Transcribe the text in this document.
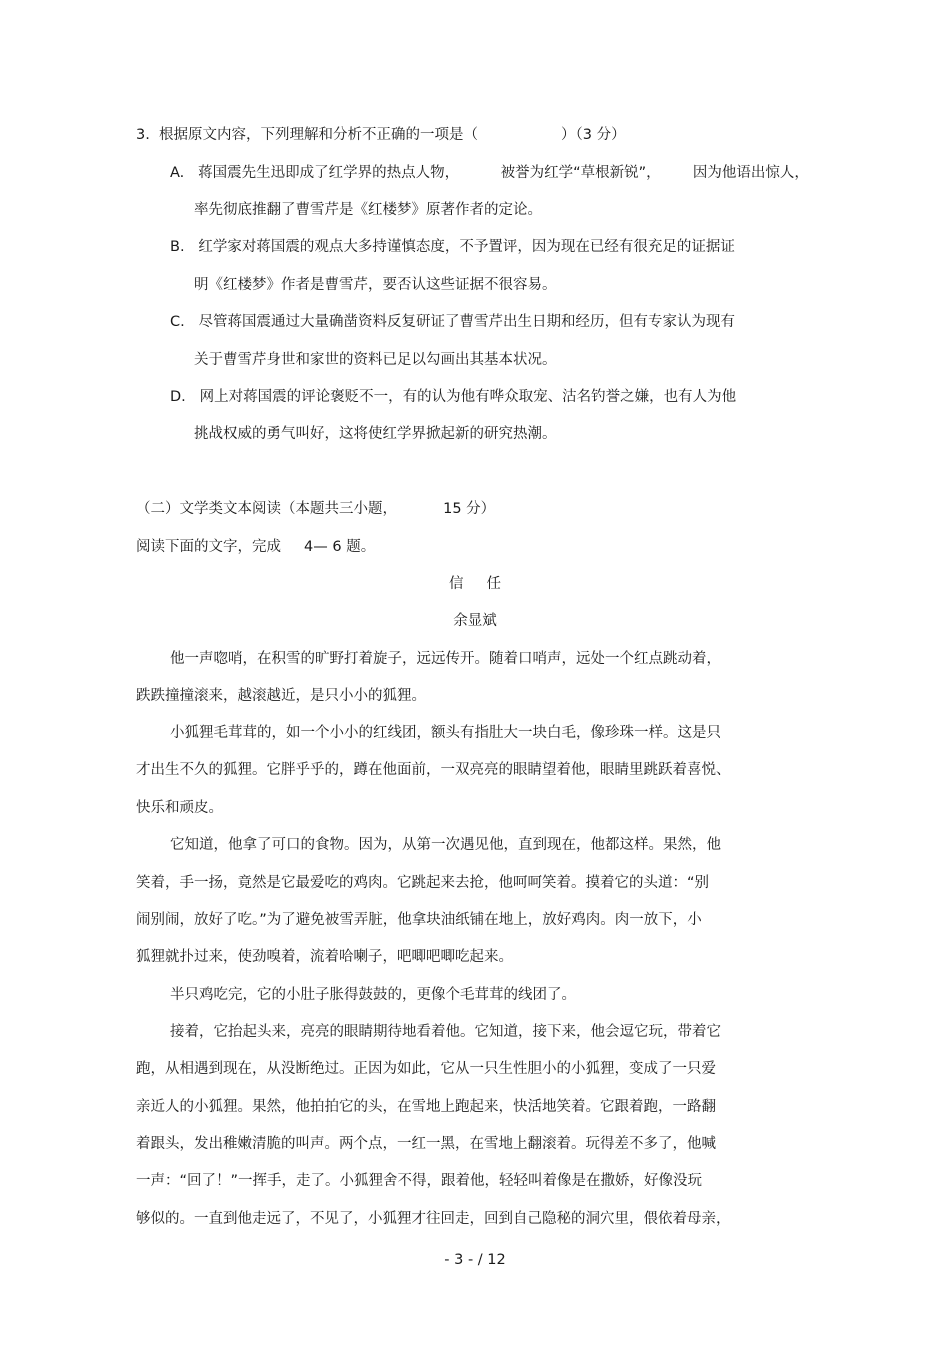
3.  根据原文内容，下列理解和分析不正确的一项是（                  ）（3 分）
A.   蒋国震先生迅即成了红学界的热点人物，         被誉为红学“草根新锐”，       因为他语出惊人，
率先彻底推翻了曹雪芹是《红楼梦》原著作者的定论。
B.   红学家对蒋国震的观点大多持谨慎态度，不予置评，因为现在已经有很充足的证据证
明《红楼梦》作者是曹雪芹，要否认这些证据不很容易。
C.   尽管蒋国震通过大量确凿资料反复研证了曹雪芹出生日期和经历，但有专家认为现有
关于曹雪芹身世和家世的资料已足以勾画出其基本状况。
D.   网上对蒋国震的评论褒贬不一，有的认为他有哗众取宠、沽名钓誉之嫌，也有人为他
挑战权威的勇气叫好，这将使红学界掀起新的研究热潮。
（二）文学类文本阅读（本题共三小题，          15 分）
阅读下面的文字，完成     4— 6 题。
信     任
余显斌
他一声唿哨，在积雪的旷野打着旋子，远远传开。随着口哨声，远处一个红点跳动着，
跌跌撞撞滚来，越滚越近，是只小小的狐狸。
小狐狸毛茸茸的，如一个小小的红线团，额头有指肚大一块白毛，像珍珠一样。这是只
才出生不久的狐狸。它胖乎乎的，蹲在他面前，一双亮亮的眼睛望着他，眼睛里跳跃着喜悦、
快乐和顽皮。
它知道，他拿了可口的食物。因为，从第一次遇见他，直到现在，他都这样。果然，他
笑着，手一扬，竟然是它最爱吃的鸡肉。它跳起来去抢，他呵呵笑着。摸着它的头道：“别
闹别闹，放好了吃。”为了避免被雪弄脏，他拿块油纸铺在地上，放好鸡肉。肉一放下，小
狐狸就扑过来，使劲嗅着，流着哈喇子，吧唧吧唧吃起来。
半只鸡吃完，它的小肚子胀得鼓鼓的，更像个毛茸茸的线团了。
接着，它抬起头来，亮亮的眼睛期待地看着他。它知道，接下来，他会逗它玩，带着它
跑，从相遇到现在，从没断绝过。正因为如此，它从一只生性胆小的小狐狸，变成了一只爱
亲近人的小狐狸。果然，他拍拍它的头，在雪地上跑起来，快活地笑着。它跟着跑，一路翻
着跟头，发出稚嫩清脆的叫声。两个点，一红一黑，在雪地上翻滚着。玩得差不多了，他喊
一声：“回了！”一挥手，走了。小狐狸舍不得，跟着他，轻轻叫着像是在撒娇，好像没玩
够似的。一直到他走远了，不见了，小狐狸才往回走，回到自己隐秘的洞穴里，偎依着母亲，
- 3 - / 12
